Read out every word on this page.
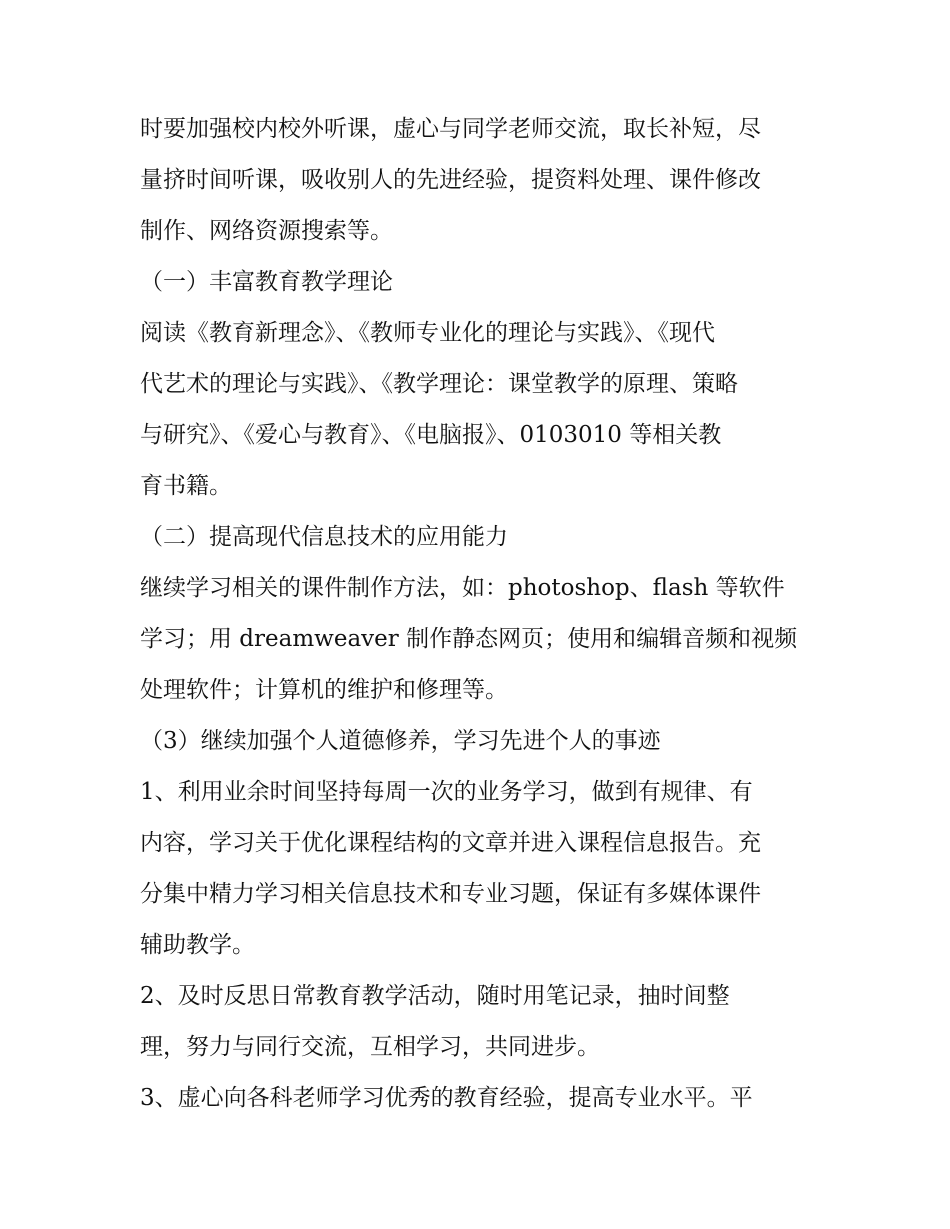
时要加强校内校外听课，虚心与同学老师交流，取长补短，尽
量挤时间听课，吸收别人的先进经验，提资料处理、课件修改
制作、网络资源搜索等。
（一）丰富教育教学理论
阅读《教育新理念》、《教师专业化的理论与实践》、《现代
代艺术的理论与实践》、《教学理论：课堂教学的原理、策略
与研究》、《爱心与教育》、《电脑报》、0103010 等相关教
育书籍。
（二）提高现代信息技术的应用能力
继续学习相关的课件制作方法，如：photoshop、flash 等软件
学习；用 dreamweaver 制作静态网页；使用和编辑音频和视频
处理软件；计算机的维护和修理等。
（3）继续加强个人道德修养，学习先进个人的事迹
1、利用业余时间坚持每周一次的业务学习，做到有规律、有
内容，学习关于优化课程结构的文章并进入课程信息报告。充
分集中精力学习相关信息技术和专业习题，保证有多媒体课件
辅助教学。
2、及时反思日常教育教学活动，随时用笔记录，抽时间整
理，努力与同行交流，互相学习，共同进步。
3、虚心向各科老师学习优秀的教育经验，提高专业水平。平
